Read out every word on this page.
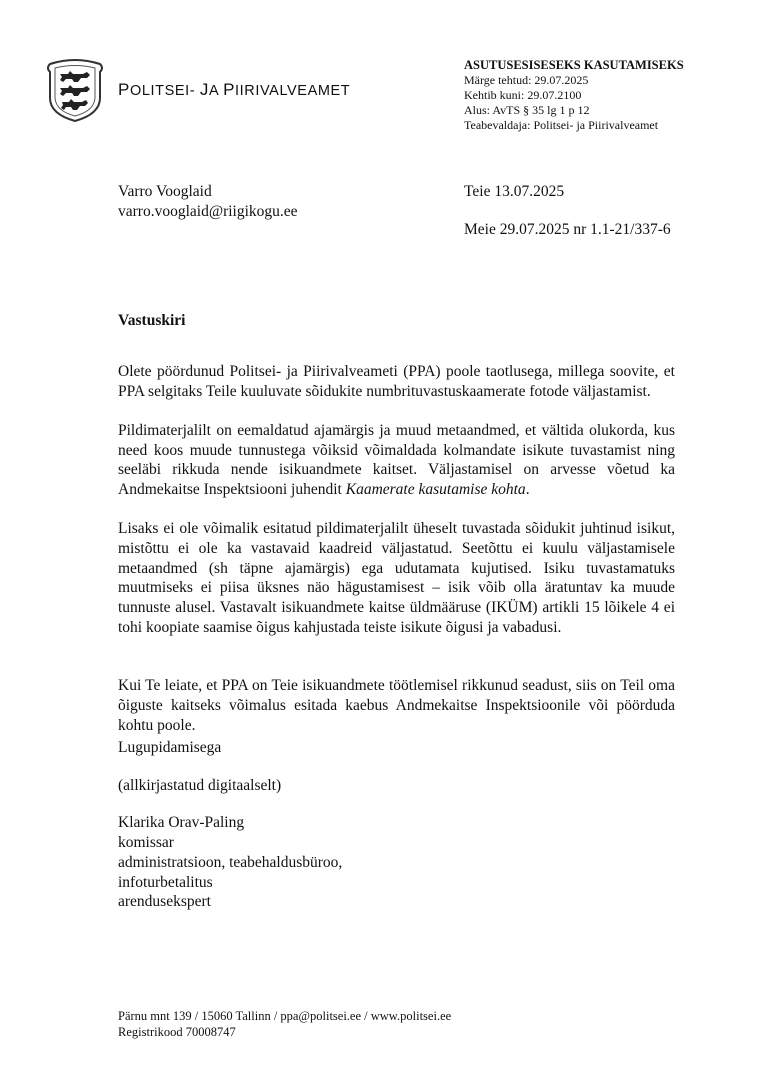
POLITSEI- JA PIIRIVALVEAMET
ASUTUSESISESEKS KASUTAMISEKS
Märge tehtud: 29.07.2025
Kehtib kuni: 29.07.2100
Alus: AvTS § 35 lg 1 p 12
Teabevaldaja: Politsei- ja Piirivalveamet
Varro Vooglaid
varro.vooglaid@riigikogu.ee
Teie 13.07.2025
Meie 29.07.2025 nr 1.1-21/337-6
Vastuskiri

Olete pöördunud Politsei- ja Piirivalveameti (PPA) poole taotlusega, millega soovite, et PPA selgitaks Teile kuuluvate sõidukite numbrituvastuskaamerate fotode väljastamist.

Pildimaterjalilt on eemaldatud ajamärgis ja muud metaandmed, et vältida olukorda, kus need koos muude tunnustega võiksid võimaldada kolmandate isikute tuvastamist ning seeläbi rikkuda nende isikuandmete kaitset. Väljastamisel on arvesse võetud ka Andmekaitse Inspektsiooni juhendit Kaamerate kasutamise kohta.

Lisaks ei ole võimalik esitatud pildimaterjalilt üheselt tuvastada sõidukit juhtinud isikut, mistõttu ei ole ka vastavaid kaadreid väljastatud. Seetõttu ei kuulu väljastamisele metaandmed (sh täpne ajamärgis) ega udutamata kujutised. Isiku tuvastamatuks muutmiseks ei piisa üksnes näo hägustamisest – isik võib olla äratuntav ka muude tunnuste alusel. Vastavalt isikuandmete kaitse üldmääruse (IKÜM) artikli 15 lõikele 4 ei tohi koopiate saamise õigus kahjustada teiste isikute õigusi ja vabadusi.

Kui Te leiate, et PPA on Teie isikuandmete töötlemisel rikkunud seadust, siis on Teil oma õiguste kaitseks võimalus esitada kaebus Andmekaitse Inspektsioonile või pöörduda kohtu poole.

Lugupidamisega
(allkirjastatud digitaalselt)
Klarika Orav-Paling
komissar
administratsioon, teabehaldusbüroo,
infoturbetalitus
arendusekspert
Pärnu mnt 139 / 15060 Tallinn / ppa@politsei.ee / www.politsei.ee
Registrikood 70008747
